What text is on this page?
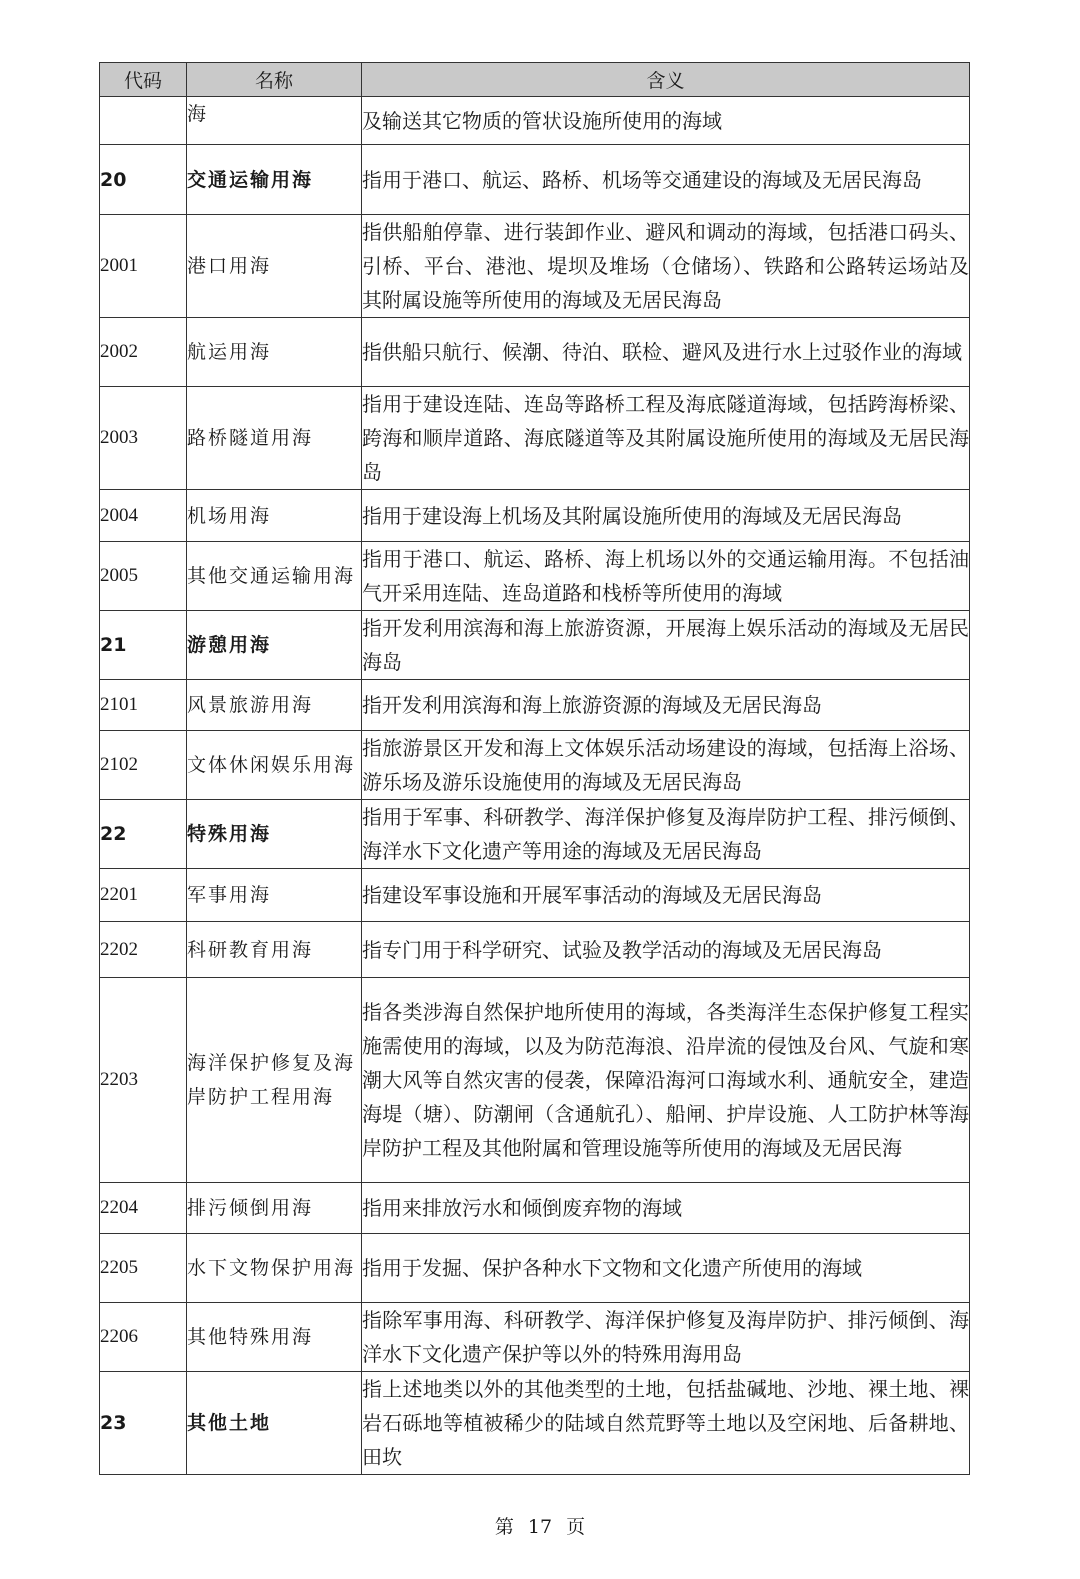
代码	名称	含义
	海	及输送其它物质的管状设施所使用的海域
20	交通运输用海	指用于港口、航运、路桥、机场等交通建设的海域及无居民海岛
2001	港口用海	指供船舶停靠、进行装卸作业、避风和调动的海域，包括港口码头、引桥、平台、港池、堤坝及堆场（仓储场）、铁路和公路转运场站及其附属设施等所使用的海域及无居民海岛
2002	航运用海	指供船只航行、候潮、待泊、联检、避风及进行水上过驳作业的海域
2003	路桥隧道用海	指用于建设连陆、连岛等路桥工程及海底隧道海域，包括跨海桥梁、跨海和顺岸道路、海底隧道等及其附属设施所使用的海域及无居民海岛
2004	机场用海	指用于建设海上机场及其附属设施所使用的海域及无居民海岛
2005	其他交通运输用海	指用于港口、航运、路桥、海上机场以外的交通运输用海。不包括油气开采用连陆、连岛道路和栈桥等所使用的海域
21	游憩用海	指开发利用滨海和海上旅游资源，开展海上娱乐活动的海域及无居民海岛
2101	风景旅游用海	指开发利用滨海和海上旅游资源的海域及无居民海岛
2102	文体休闲娱乐用海	指旅游景区开发和海上文体娱乐活动场建设的海域，包括海上浴场、游乐场及游乐设施使用的海域及无居民海岛
22	特殊用海	指用于军事、科研教学、海洋保护修复及海岸防护工程、排污倾倒、海洋水下文化遗产等用途的海域及无居民海岛
2201	军事用海	指建设军事设施和开展军事活动的海域及无居民海岛
2202	科研教育用海	指专门用于科学研究、试验及教学活动的海域及无居民海岛
2203	海洋保护修复及海岸防护工程用海	指各类涉海自然保护地所使用的海域，各类海洋生态保护修复工程实施需使用的海域，以及为防范海浪、沿岸流的侵蚀及台风、气旋和寒潮大风等自然灾害的侵袭，保障沿海河口海域水利、通航安全，建造海堤（塘）、防潮闸（含通航孔）、船闸、护岸设施、人工防护林等海岸防护工程及其他附属和管理设施等所使用的海域及无居民海
2204	排污倾倒用海	指用来排放污水和倾倒废弃物的海域
2205	水下文物保护用海	指用于发掘、保护各种水下文物和文化遗产所使用的海域
2206	其他特殊用海	指除军事用海、科研教学、海洋保护修复及海岸防护、排污倾倒、海洋水下文化遗产保护等以外的特殊用海用岛
23	其他土地	指上述地类以外的其他类型的土地，包括盐碱地、沙地、裸土地、裸岩石砾地等植被稀少的陆域自然荒野等土地以及空闲地、后备耕地、田坎
第 17 页
